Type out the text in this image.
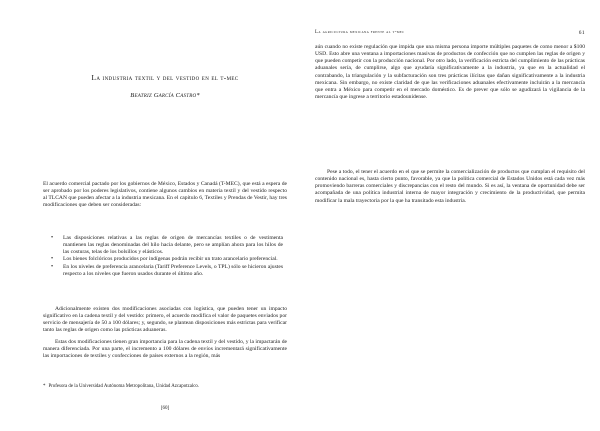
La industria textil y del vestido en el t-mec
Beatriz García Castro*

El acuerdo comercial pactado por los gobiernos de México, Estados y Canadá (T-MEC), que está a espera de ser aprobado por los poderes legislativos, contiene algunos cambios en materia textil y del vestido respecto al TLCAN que pueden afectar a la industria mexicana. En el capítulo 6, Textiles y Prendas de Vestir, hay tres modificaciones que deben ser consideradas:

• Las disposiciones relativas a las reglas de origen de mercancías textiles o de vestimenta mantienen las reglas denominadas del hilo hacia delante, pero se amplían ahora para los hilos de las costuras, telas de los bolsillos y elásticos.
• Los bienes folclóricos producidos por indígenas podrán recibir un trato arancelario preferencial.
• En los niveles de preferencia arancelaria (Tariff Preference Levels, o TPL) sólo se hicieron ajustes respecto a los niveles que fueron usados durante el último año.

Adicionalmente existen dos modificaciones asociadas con logística, que pueden tener un impacto significativo en la cadena textil y del vestido: primero, el acuerdo modifica el valor de paquetes enviados por servicio de mensajería de 50 a 100 dólares; y, segundo, se plantean disposiciones más estrictas para verificar tanto las reglas de origen como las prácticas aduaneras.

Estas dos modificaciones tienen gran importancia para la cadena textil y del vestido, y la impactarán de manera diferenciada. Por una parte, el incremento a 100 dólares de envíos incrementará significativamente las importaciones de textiles y confecciones de países externos a la región, más

* Profesora de la Universidad Autónoma Metropolitana, Unidad Azcapotzalco.
[60]
La agricultura mexicana frente al t-mec	61

aún cuando no existe regulación que impida que una misma persona importe múltiples paquetes de como menor a $100 USD. Esto abre una ventana a importaciones masivas de productos de confección que no cumplen las reglas de origen y que pueden competir con la producción nacional. Por otro lado, la verificación estricta del cumplimiento de las prácticas aduanales sería, de cumplirse, algo que ayudaría significativamente a la industria, ya que en la actualidad el contrabando, la triangulación y la subfacturación son tres prácticas ilícitas que dañan significativamente a la industria mexicana. Sin embargo, no existe claridad de que las verificaciones aduanales efectivamente incluirán a la mercancía que entra a México para competir en el mercado doméstico. Es de prever que sólo se agudizará la vigilancia de la mercancía que ingrese a territorio estadounidense.

Pese a todo, el tener el acuerdo en el que se permite la comercialización de productos que cumplan el requisito del contenido nacional es, hasta cierto punto, favorable, ya que la política comercial de Estados Unidos está cada vez más promoviendo barreras comerciales y discrepancias con el resto del mundo. Si es así, la ventana de oportunidad debe ser acompañada de una política industrial interna de mayor integración y crecimiento de la productividad, que permita modificar la mala trayectoria por la que ha transitado esta industria.
